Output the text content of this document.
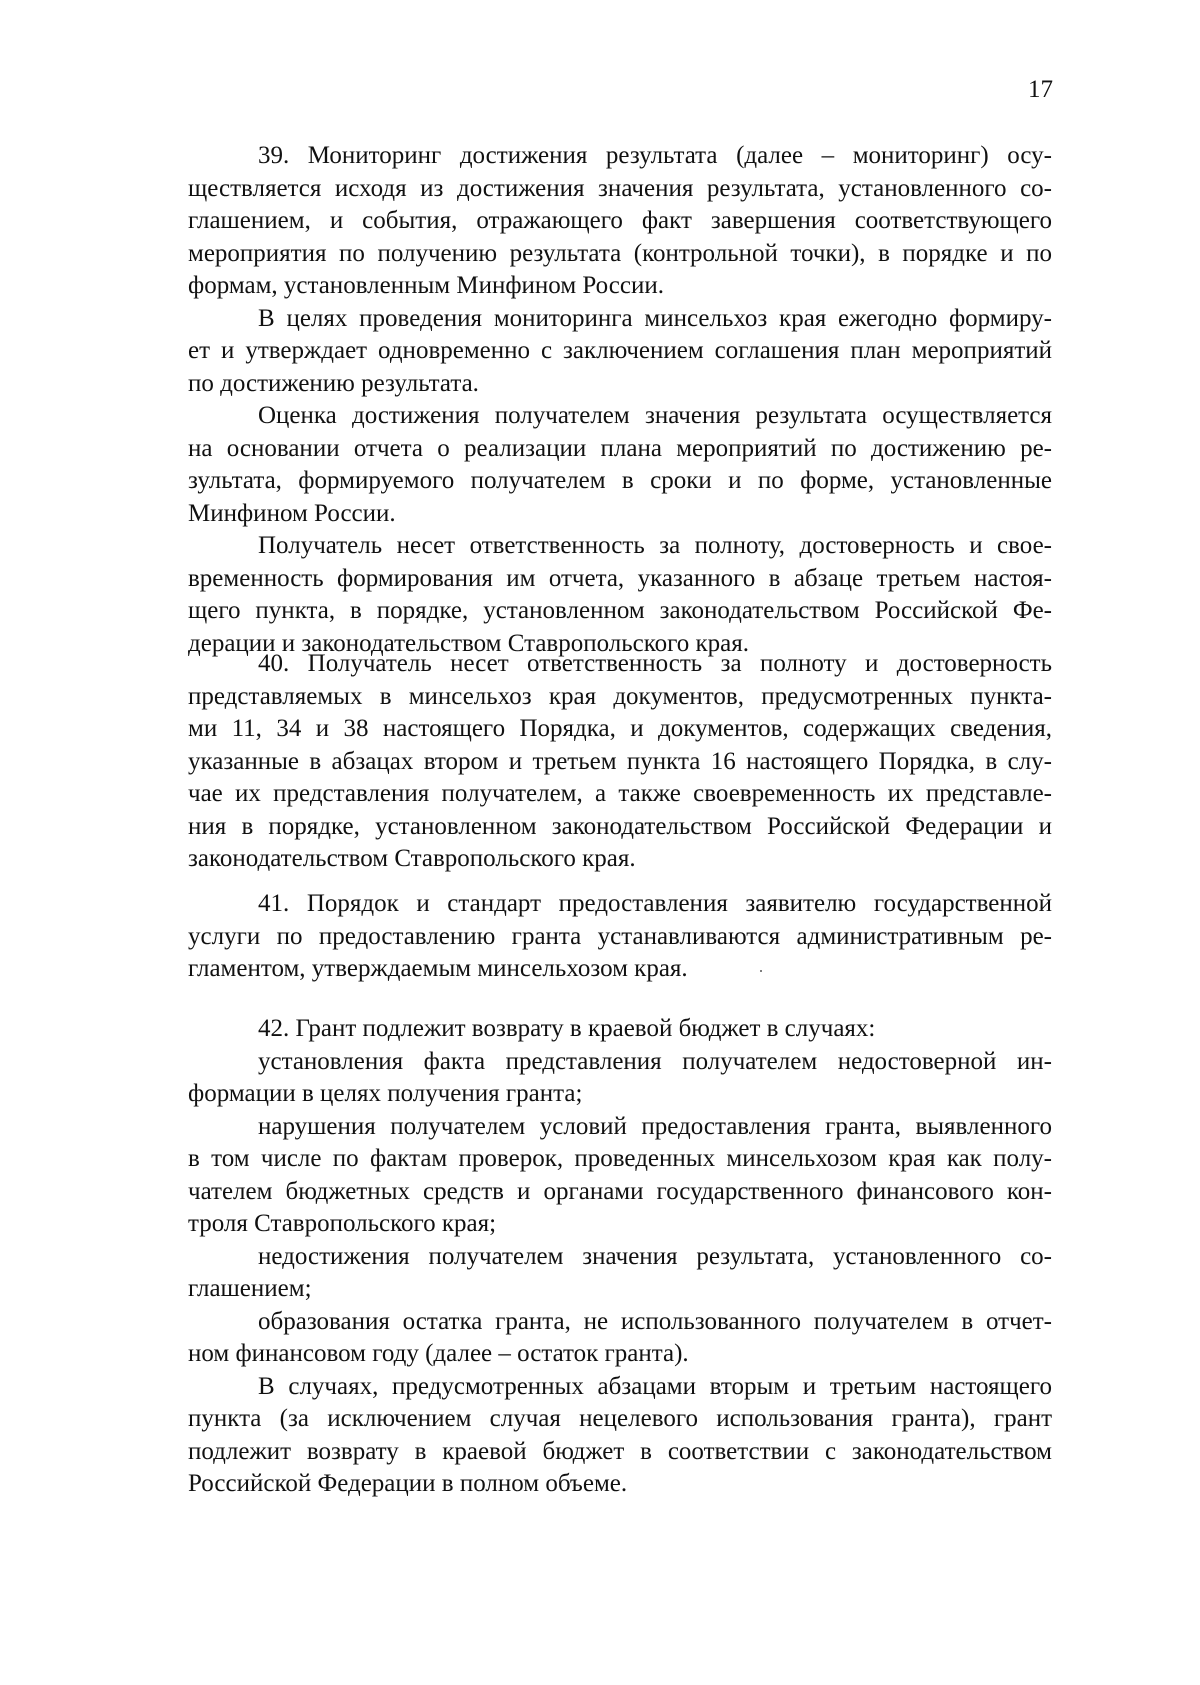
17

39. Мониторинг достижения результата (далее – мониторинг) осу-
ществляется исходя из достижения значения результата, установленного со-
глашением, и события, отражающего факт завершения соответствующего
мероприятия по получению результата (контрольной точки), в порядке и по
формам, установленным Минфином России.

В целях проведения мониторинга минсельхоз края ежегодно формиру-
ет и утверждает одновременно с заключением соглашения план мероприятий
по достижению результата.

Оценка достижения получателем значения результата осуществляется
на основании отчета о реализации плана мероприятий по достижению ре-
зультата, формируемого получателем в сроки и по форме, установленные
Минфином России.

Получатель несет ответственность за полноту, достоверность и свое-
временность формирования им отчета, указанного в абзаце третьем настоя-
щего пункта, в порядке, установленном законодательством Российской Фе-
дерации и законодательством Ставропольского края.

40. Получатель несет ответственность за полноту и достоверность
представляемых в минсельхоз края документов, предусмотренных пункта-
ми 11, 34 и 38 настоящего Порядка, и документов, содержащих сведения,
указанные в абзацах втором и третьем пункта 16 настоящего Порядка, в слу-
чае их представления получателем, а также своевременность их представле-
ния в порядке, установленном законодательством Российской Федерации и
законодательством Ставропольского края.

41. Порядок и стандарт предоставления заявителю государственной
услуги по предоставлению гранта устанавливаются административным ре-
гламентом, утверждаемым минсельхозом края.

42. Грант подлежит возврату в краевой бюджет в случаях:

установления факта представления получателем недостоверной ин-
формации в целях получения гранта;

нарушения получателем условий предоставления гранта, выявленного
в том числе по фактам проверок, проведенных минсельхозом края как полу-
чателем бюджетных средств и органами государственного финансового кон-
троля Ставропольского края;

недостижения получателем значения результата, установленного со-
глашением;

образования остатка гранта, не использованного получателем в отчет-
ном финансовом году (далее – остаток гранта).

В случаях, предусмотренных абзацами вторым и третьим настоящего
пункта (за исключением случая нецелевого использования гранта), грант
подлежит возврату в краевой бюджет в соответствии с законодательством
Российской Федерации в полном объеме.
